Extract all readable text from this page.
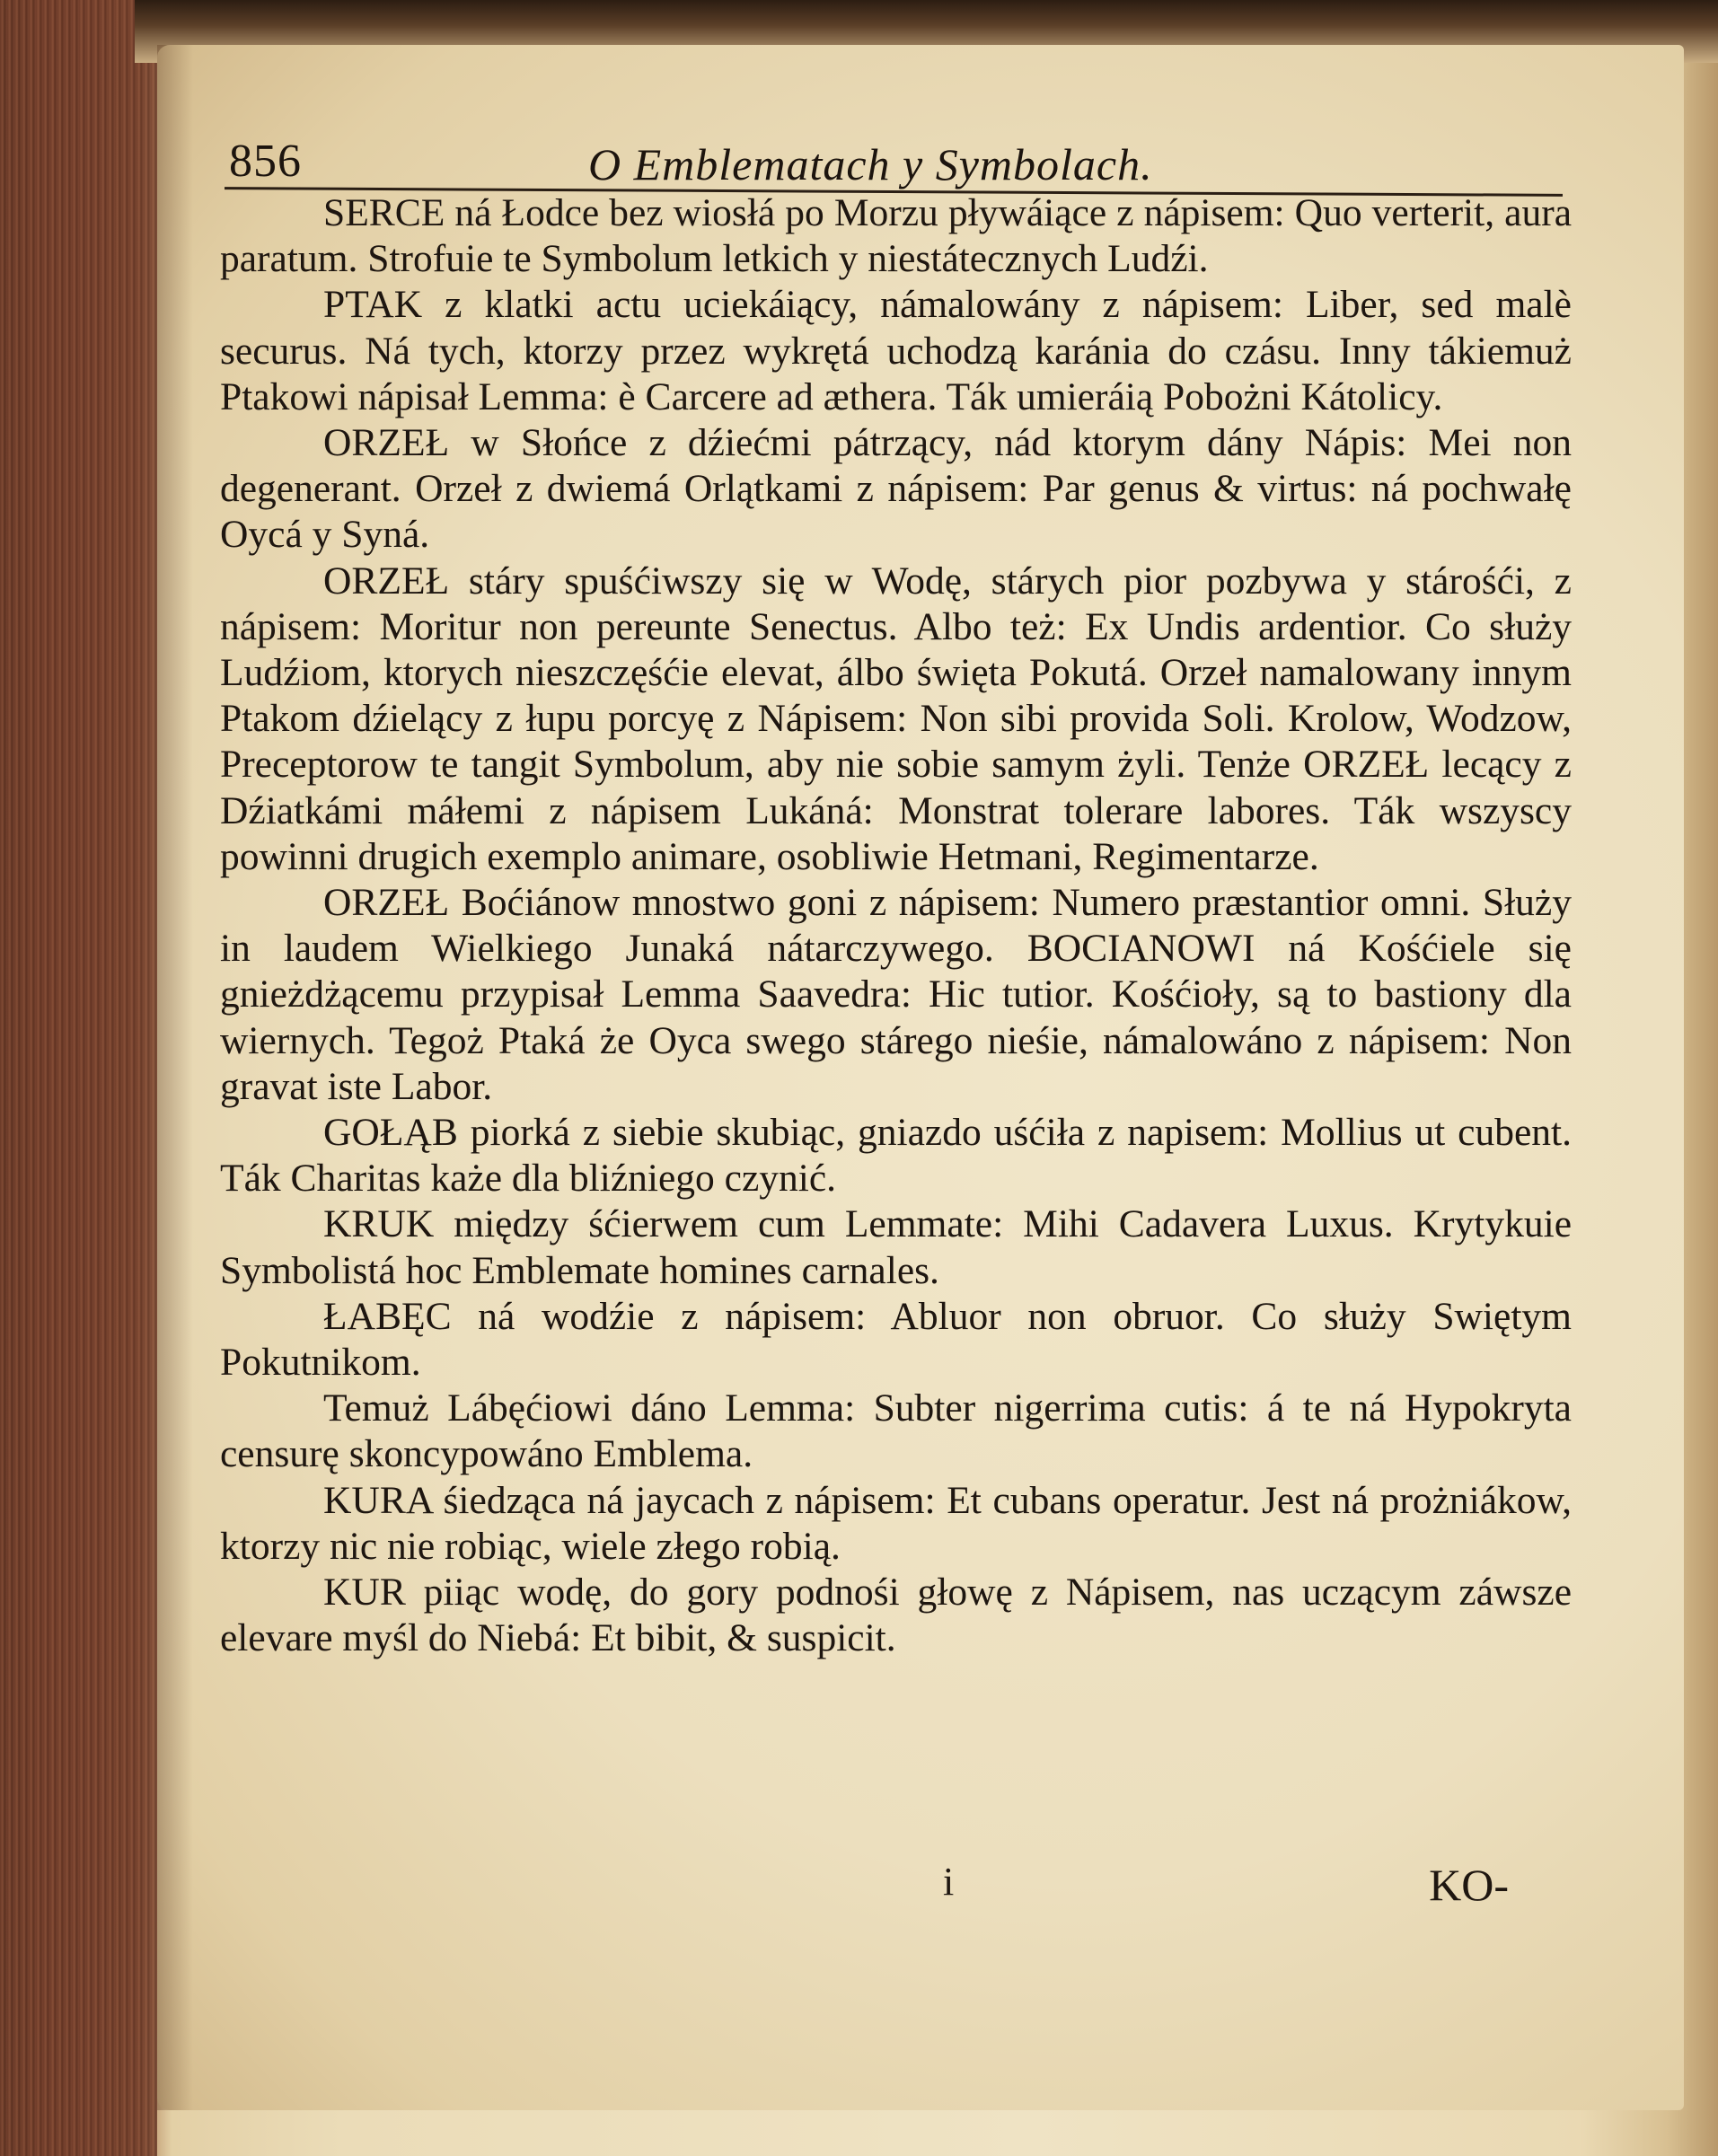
856	O Emblematach y Symbolach.

SERCE ná Łodce bez wiosłá po Morzu pływáiące z nápisem: Quo verterit, aura paratum. Strofuie te Symbolum letkich y niestátecznych Ludźi.

PTAK z klatki actu uciekáiący, námalowány z nápisem: Liber, sed malè securus. Ná tych, ktorzy przez wykrętá uchodzą karánia do czásu. Inny tákiemuż Ptakowi nápisał Lemma: è Carcere ad æthera. Ták umieráią Pobożni Kátolicy.

ORZEŁ w Słońce z dźiećmi pátrzący, nád ktorym dány Nápis: Mei non degenerant. Orzeł z dwiemá Orlątkami z nápisem: Par genus & virtus: ná pochwałę Oycá y Syná.

ORZEŁ stáry spuśćiwszy się w Wodę, stárych pior pozbywa y stárośći, z nápisem: Moritur non pereunte Senectus. Albo też: Ex Undis ardentior. Co służy Ludźiom, ktorych nieszczęśćie elevat, álbo święta Pokutá. Orzeł namalowany innym Ptakom dźielący z łupu porcyę z Nápisem: Non sibi provida Soli. Krolow, Wodzow, Preceptorow te tangit Symbolum, aby nie sobie samym żyli. Tenże ORZEŁ lecący z Dźiatkámi máłemi z nápisem Lukáná: Monstrat tolerare labores. Ták wszyscy powinni drugich exemplo animare, osobliwie Hetmani, Regimentarze.

ORZEŁ Boćiánow mnostwo goni z nápisem: Numero præstantior omni. Służy in laudem Wielkiego Junaká nátarczywego. BOCIANOWI ná Kośćiele się gnieżdżącemu przypisał Lemma Saavedra: Hic tutior. Kośćioły, są to bastiony dla wiernych. Tegoż Ptaká że Oyca swego stárego nieśie, námalowáno z nápisem: Non gravat iste Labor.

GOŁĄB piorká z siebie skubiąc, gniazdo uśćiła z napisem: Mollius ut cubent. Ták Charitas każe dla bliźniego czynić.

KRUK między śćierwem cum Lemmate: Mihi Cadavera Luxus. Krytykuie Symbolistá hoc Emblemate homines carnales.

ŁABĘC ná wodźie z nápisem: Abluor non obruor. Co służy Swiętym Pokutnikom.

Temuż Lábęćiowi dáno Lemma: Subter nigerrima cutis: á te ná Hypokryta censurę skoncypowáno Emblema.

KURA śiedząca ná jaycach z nápisem: Et cubans operatur. Jest ná prożniákow, ktorzy nic nie robiąc, wiele złego robią.

KUR piiąc wodę, do gory podnośi głowę z Nápisem, nas uczącym záwsze elevare myśl do Niebá: Et bibit, & suspicit.

i	KO-
